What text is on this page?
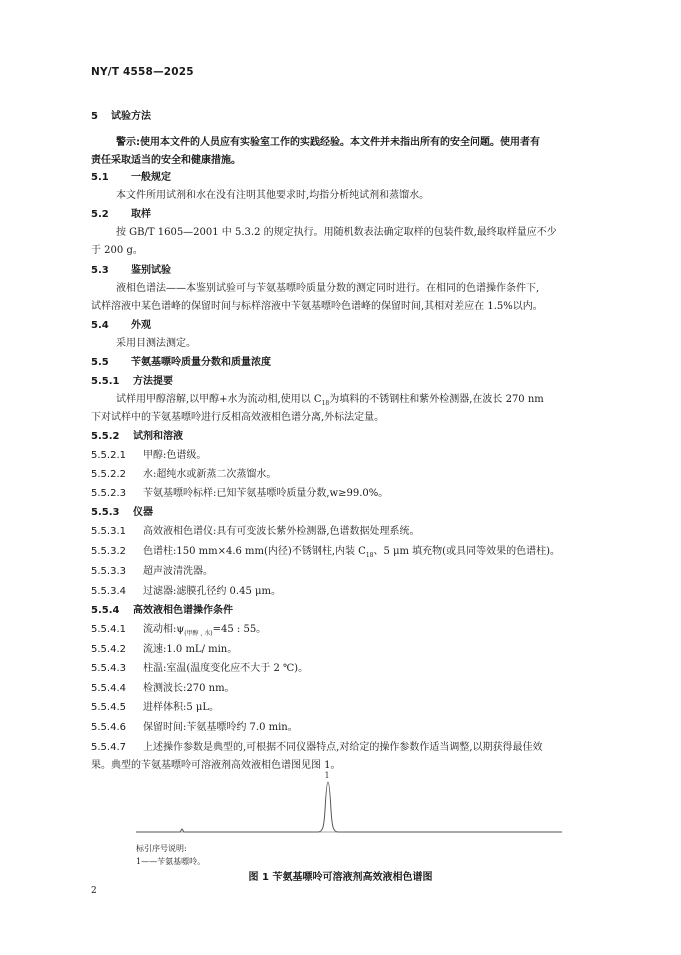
NY/T 4558—2025
5 试验方法
警示:使用本文件的人员应有实验室工作的实践经验。本文件并未指出所有的安全问题。使用者有
责任采取适当的安全和健康措施。
5.1 一般规定
本文件所用试剂和水在没有注明其他要求时,均指分析纯试剂和蒸馏水。
5.2 取样
按 GB/T 1605—2001 中 5.3.2 的规定执行。用随机数表法确定取样的包装件数,最终取样量应不少
于 200 g。
5.3 鉴别试验
液相色谱法——本鉴别试验可与苄氨基嘌呤质量分数的测定同时进行。在相同的色谱操作条件下,
试样溶液中某色谱峰的保留时间与标样溶液中苄氨基嘌呤色谱峰的保留时间,其相对差应在 1.5%以内。
5.4 外观
采用目测法测定。
5.5 苄氨基嘌呤质量分数和质量浓度
5.5.1 方法提要
试样用甲醇溶解,以甲醇+水为流动相,使用以 $C_{18}$为填料的不锈钢柱和紫外检测器,在波长 270 nm
下对试样中的苄氨基嘌呤进行反相高效液相色谱分离,外标法定量。
5.5.2 试剂和溶液
5.5.2.1 甲醇:色谱级。
5.5.2.2 水:超纯水或新蒸二次蒸馏水。
5.5.2.3 苄氨基嘌呤标样:已知苄氨基嘌呤质量分数,w≥99.0%。
5.5.3 仪器
5.5.3.1 高效液相色谱仪:具有可变波长紫外检测器,色谱数据处理系统。
5.5.3.2 色谱柱:150 mm×4.6 mm(内径)不锈钢柱,内装 $C_{18}$、5 μm 填充物(或具同等效果的色谱柱)。
5.5.3.3 超声波清洗器。
5.5.3.4 过滤器:滤膜孔径约 0.45 μm。
5.5.4 高效液相色谱操作条件
5.5.4.1 流动相$:\psi_{(甲醇 , 水)}=45$ : 55。
5.5.4.2 流速:1.0 mL/ min。
5.5.4.3 柱温:室温(温度变化应不大于 2 ℃)。
5.5.4.4 检测波长:270 nm。
5.5.4.5 进样体积:5 μL。
5.5.4.6 保留时间:苄氨基嘌呤约 7.0 min。
5.5.4.7 上述操作参数是典型的,可根据不同仪器特点,对给定的操作参数作适当调整,以期获得最佳效
果。典型的苄氨基嘌呤可溶液剂高效液相色谱图见图 1。
1
标引序号说明:
1——苄氨基嘌呤。
图 1 苄氨基嘌呤可溶液剂高效液相色谱图
2
